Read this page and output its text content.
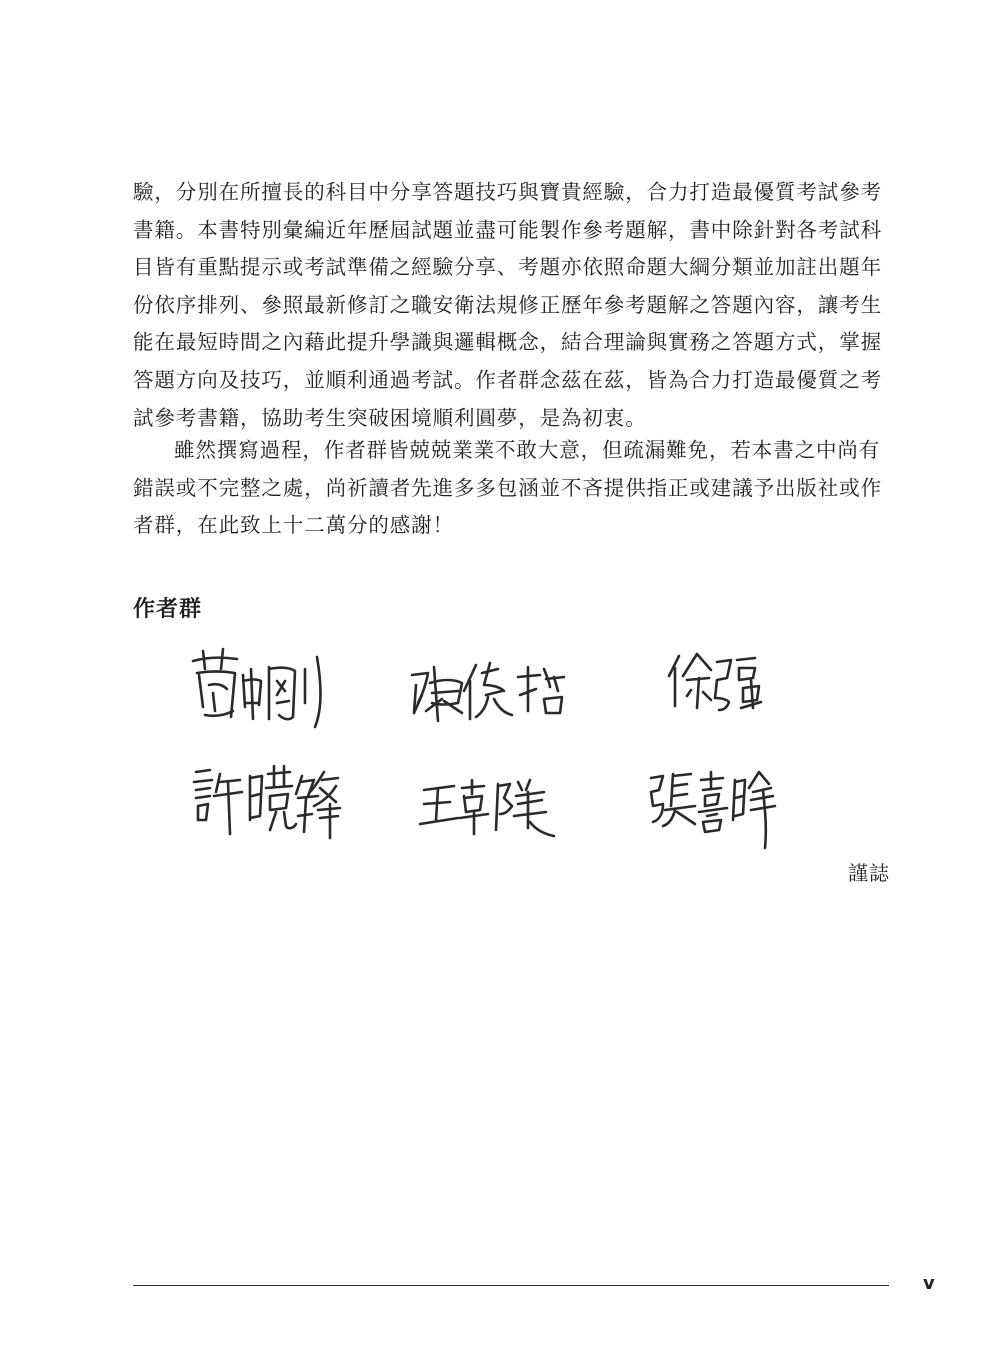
驗，分別在所擅長的科目中分享答題技巧與寶貴經驗，合力打造最優質考試參考書籍。本書特別彙編近年歷屆試題並盡可能製作參考題解，書中除針對各考試科目皆有重點提示或考試準備之經驗分享、考題亦依照命題大綱分類並加註出題年份依序排列、參照最新修訂之職安衛法規修正歷年參考題解之答題內容，讓考生能在最短時間之內藉此提升學識與邏輯概念，結合理論與實務之答題方式，掌握答題方向及技巧，並順利通過考試。作者群念茲在茲，皆為合力打造最優質之考試參考書籍，協助考生突破困境順利圓夢，是為初衷。

雖然撰寫過程，作者群皆兢兢業業不敢大意，但疏漏難免，若本書之中尚有錯誤或不完整之處，尚祈讀者先進多多包涵並不吝提供指正或建議予出版社或作者群，在此致上十二萬分的感謝！

作者群
謹誌
v
